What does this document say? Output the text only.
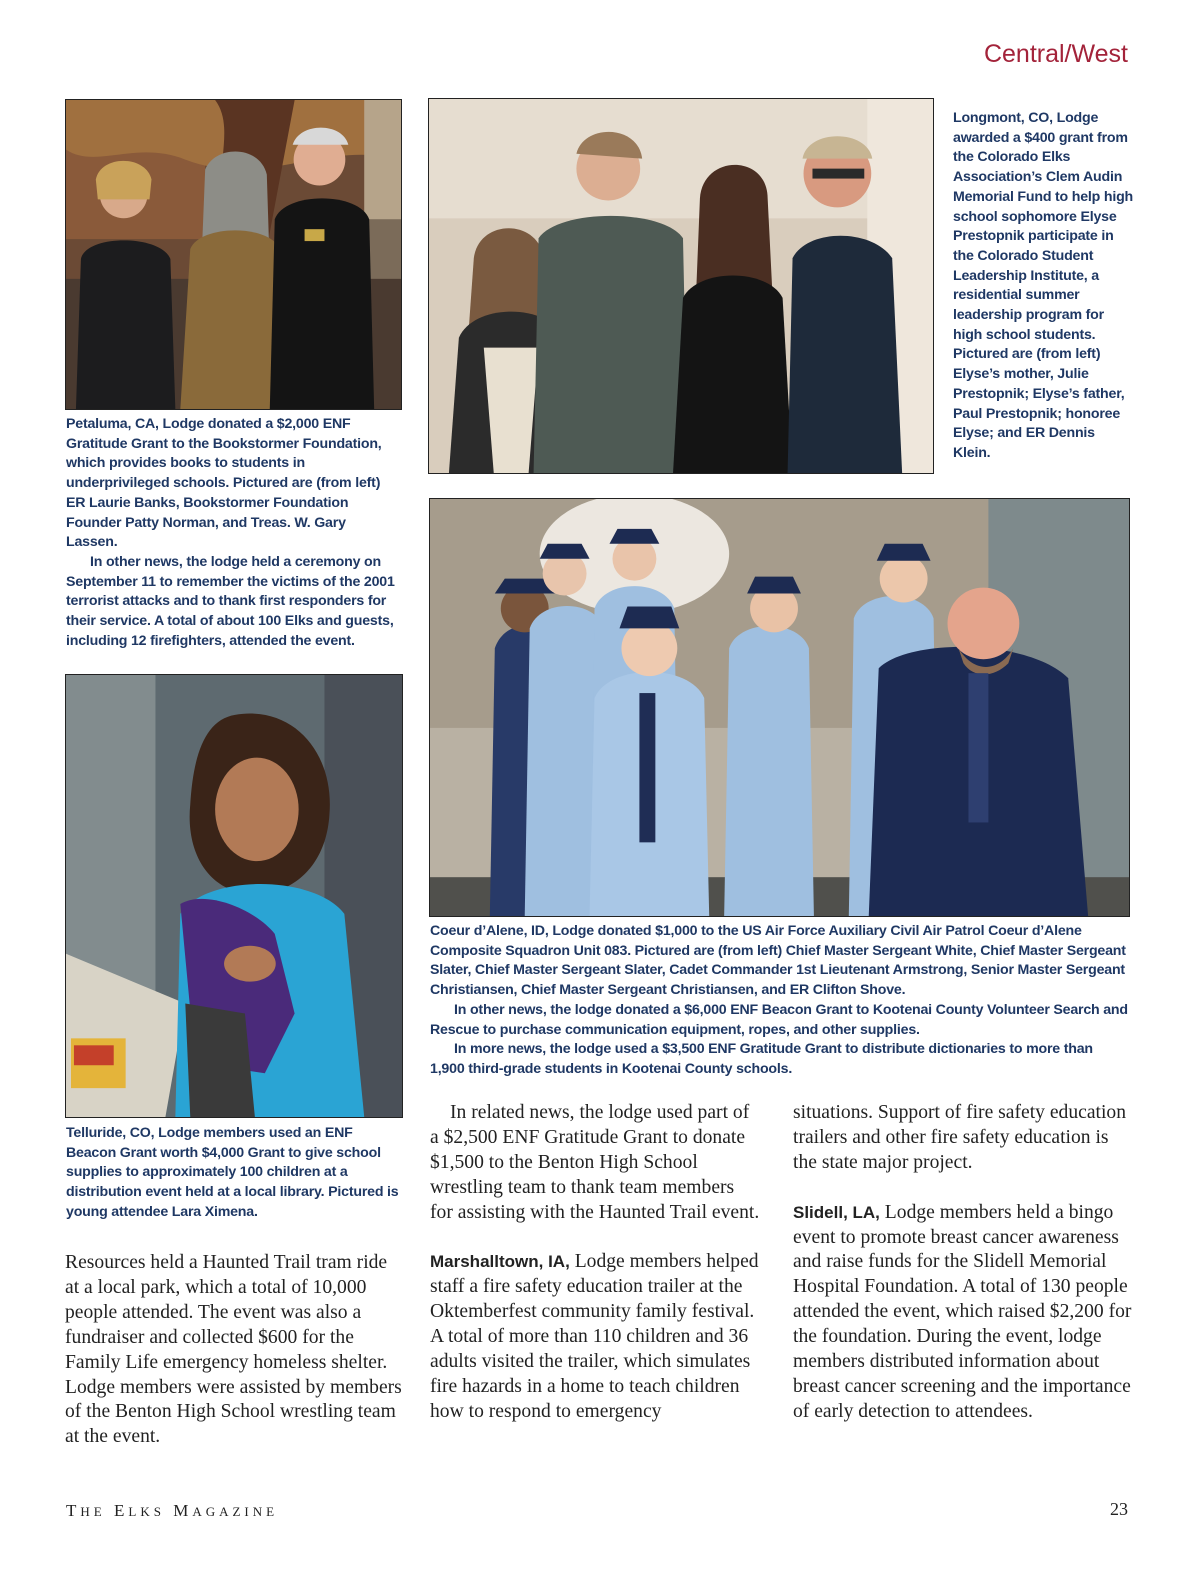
Central/West

Petaluma, CA, Lodge donated a $2,000 ENF Gratitude Grant to the Bookstormer Foundation, which provides books to students in underprivileged schools. Pictured are (from left) ER Laurie Banks, Bookstormer Foundation Founder Patty Norman, and Treas. W. Gary Lassen.

In other news, the lodge held a ceremony on September 11 to remember the victims of the 2001 terrorist attacks and to thank first responders for their service. A total of about 100 Elks and guests, including 12 firefighters, attended the event.

Longmont, CO, Lodge awarded a $400 grant from the Colorado Elks Association’s Clem Audin Memorial Fund to help high school sophomore Elyse Prestopnik participate in the Colorado Student Leadership Institute, a residential summer leadership program for high school students. Pictured are (from left) Elyse’s mother, Julie Prestopnik; Elyse’s father, Paul Prestopnik; honoree Elyse; and ER Dennis Klein.

Coeur d’Alene, ID, Lodge donated $1,000 to the US Air Force Auxiliary Civil Air Patrol Coeur d’Alene Composite Squadron Unit 083. Pictured are (from left) Chief Master Sergeant White, Chief Master Sergeant Slater, Chief Master Sergeant Slater, Cadet Commander 1st Lieutenant Armstrong, Senior Master Sergeant Christiansen, Chief Master Sergeant Christiansen, and ER Clifton Shove.

In other news, the lodge donated a $6,000 ENF Beacon Grant to Kootenai County Volunteer Search and Rescue to purchase communication equipment, ropes, and other supplies.

In more news, the lodge used a $3,500 ENF Gratitude Grant to distribute dictionaries to more than 1,900 third-grade students in Kootenai County schools.

Telluride, CO, Lodge members used an ENF Beacon Grant worth $4,000 Grant to give school supplies to approximately 100 children at a distribution event held at a local library. Pictured is young attendee Lara Ximena.

Resources held a Haunted Trail tram ride at a local park, which a total of 10,000 people attended. The event was also a fundraiser and collected $600 for the Family Life emergency homeless shelter. Lodge members were assisted by members of the Benton High School wrestling team at the event.

In related news, the lodge used part of a $2,500 ENF Gratitude Grant to donate $1,500 to the Benton High School wrestling team to thank team members for assisting with the Haunted Trail event.

Marshalltown, IA, Lodge members helped staff a fire safety education trailer at the Oktemberfest community family festival. A total of more than 110 children and 36 adults visited the trailer, which simulates fire hazards in a home to teach children how to respond to emergency

situations. Support of fire safety education trailers and other fire safety education is the state major project.

Slidell, LA, Lodge members held a bingo event to promote breast cancer awareness and raise funds for the Slidell Memorial Hospital Foundation. A total of 130 people attended the event, which raised $2,200 for the foundation. During the event, lodge members distributed information about breast cancer screening and the importance of early detection to attendees.

THE ELKS MAGAZINE	23
